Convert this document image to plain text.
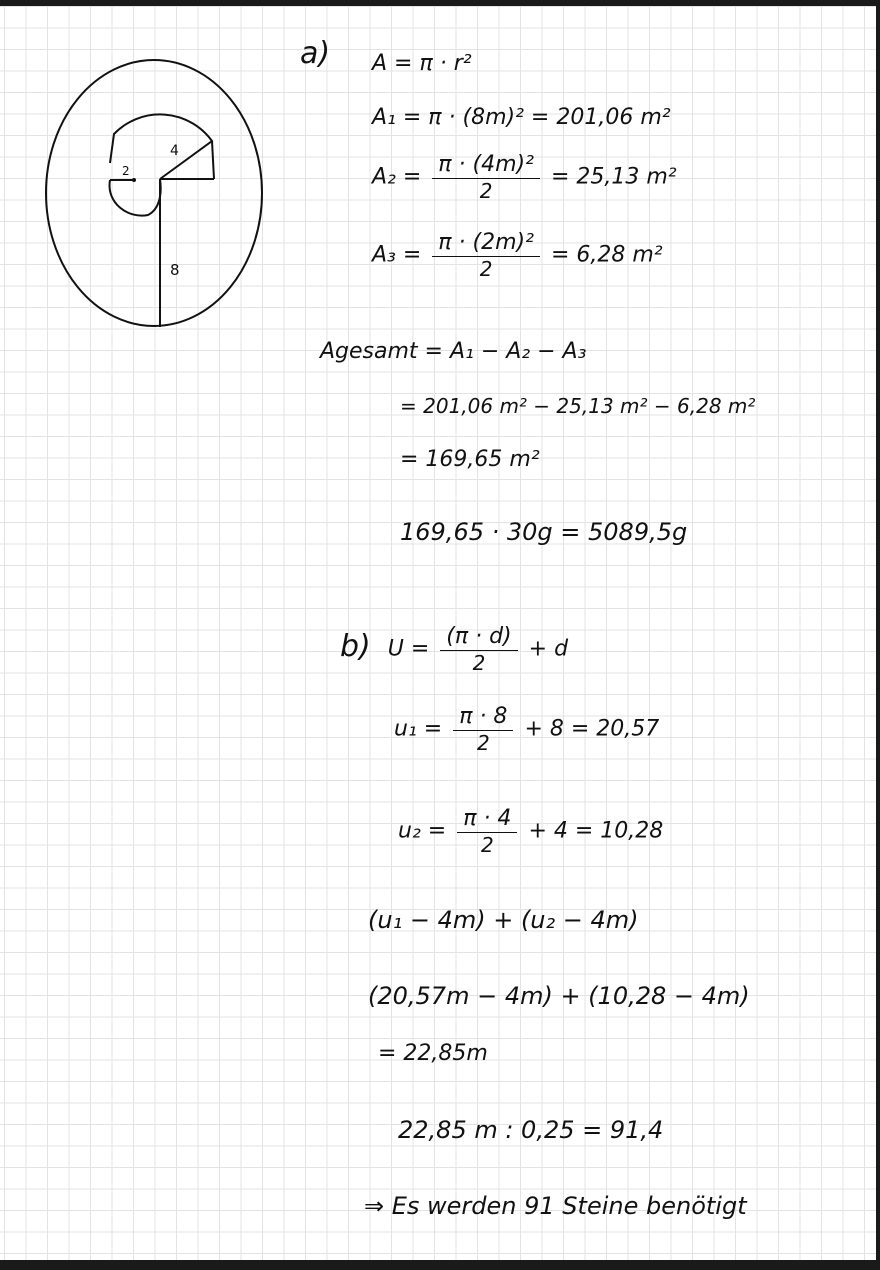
2
4
8
a) A = π · r²
A₁ = π · (8m)² = 201,06 m²
$A_2 = \frac{\text{π · (4m)²}}{2} = 25,13$ m²
$A_3 = \frac{\text{π · (2m)²}}{2} = 6,28$ m²
Agesamt = A₁ − A₂ − A₃
= 201,06 m² − 25,13 m² − 6,28 m²
= 169,65 m²
169,65 · 30g = 5089,5g
b) $U = \frac{(\pi \cdot d)}{2} + d$
$u_1 = \frac{\pi \cdot 8}{2} + 8 = 20,57$
$u_2 = \frac{\pi \cdot 4}{2} + 4 = 10,28$
(u₁ − 4m) + (u₂ − 4m)
(20,57m − 4m) + (10,28 − 4m)
= 22,85m
22,85 m : 0,25 = 91,4
⇒ Es werden 91 Steine benötigt
